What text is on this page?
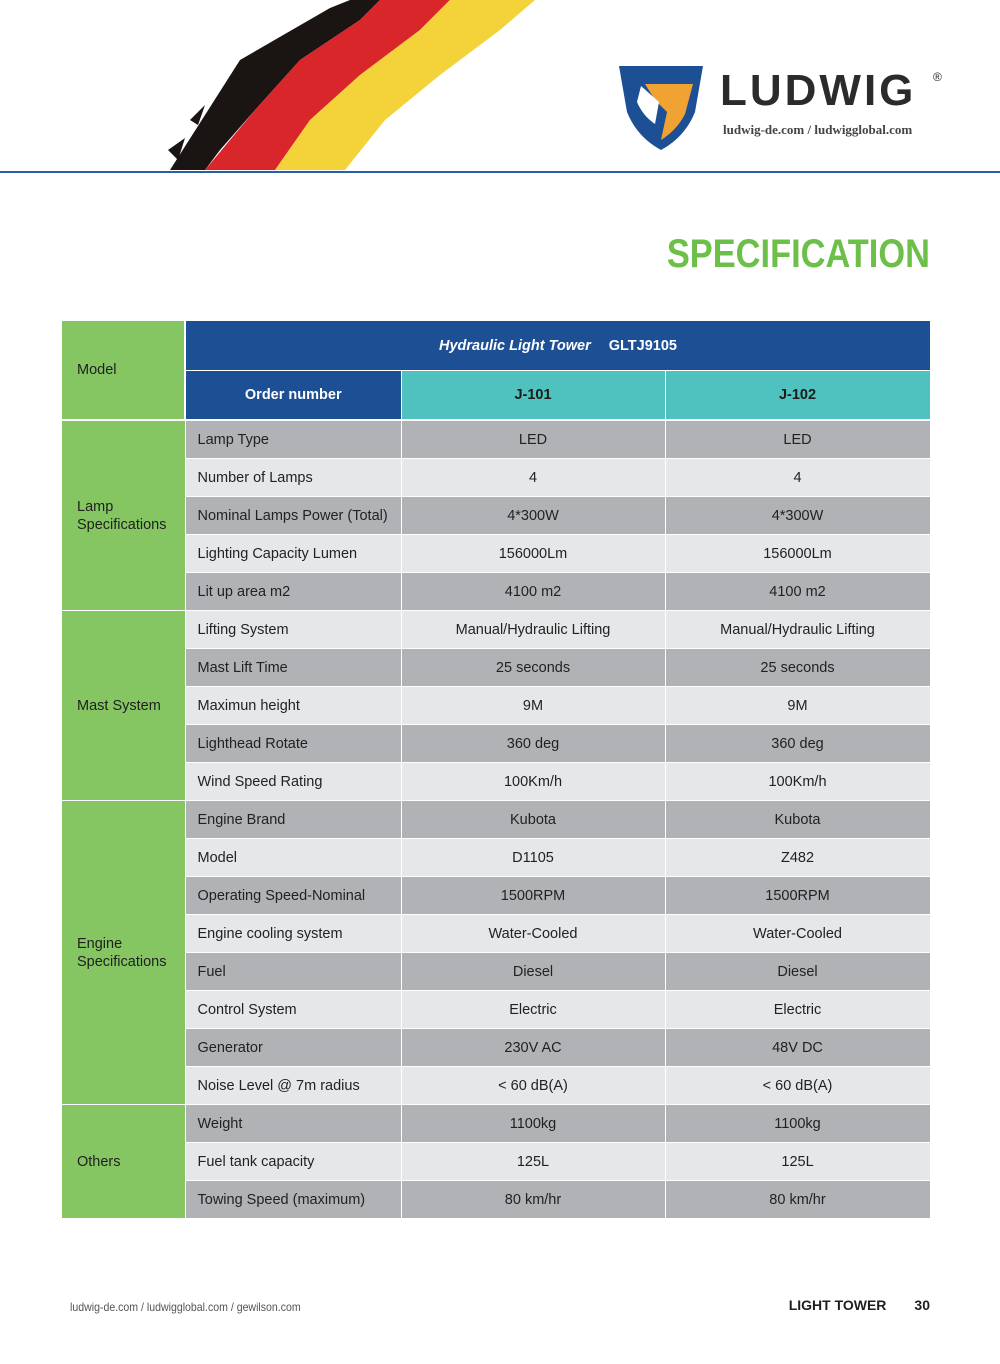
LUDWIG ®
ludwig-de.com / ludwigglobal.com
SPECIFICATION
Model	Hydraulic Light Tower GLTJ9105		
	Order number	J-101	J-102
Lamp Specifications	Lamp Type	LED	LED
	Number of Lamps	4	4
	Nominal Lamps Power (Total)	4*300W	4*300W
	Lighting Capacity Lumen	156000Lm	156000Lm
	Lit up area m2	4100 m2	4100 m2
Mast System	Lifting System	Manual/Hydraulic Lifting	Manual/Hydraulic Lifting
	Mast Lift Time	25 seconds	25 seconds
	Maximun height	9M	9M
	Lighthead Rotate	360 deg	360 deg
	Wind Speed Rating	100Km/h	100Km/h
Engine Specifications	Engine Brand	Kubota	Kubota
	Model	D1105	Z482
	Operating Speed-Nominal	1500RPM	1500RPM
	Engine cooling system	Water-Cooled	Water-Cooled
	Fuel	Diesel	Diesel
	Control System	Electric	Electric
	Generator	230V AC	48V DC
	Noise Level @ 7m radius	< 60 dB(A)	< 60 dB(A)
Others	Weight	1100kg	1100kg
	Fuel tank capacity	125L	125L
	Towing Speed (maximum)	80 km/hr	80 km/hr
ludwig-de.com / ludwigglobal.com / gewilson.com	LIGHT TOWER 30
